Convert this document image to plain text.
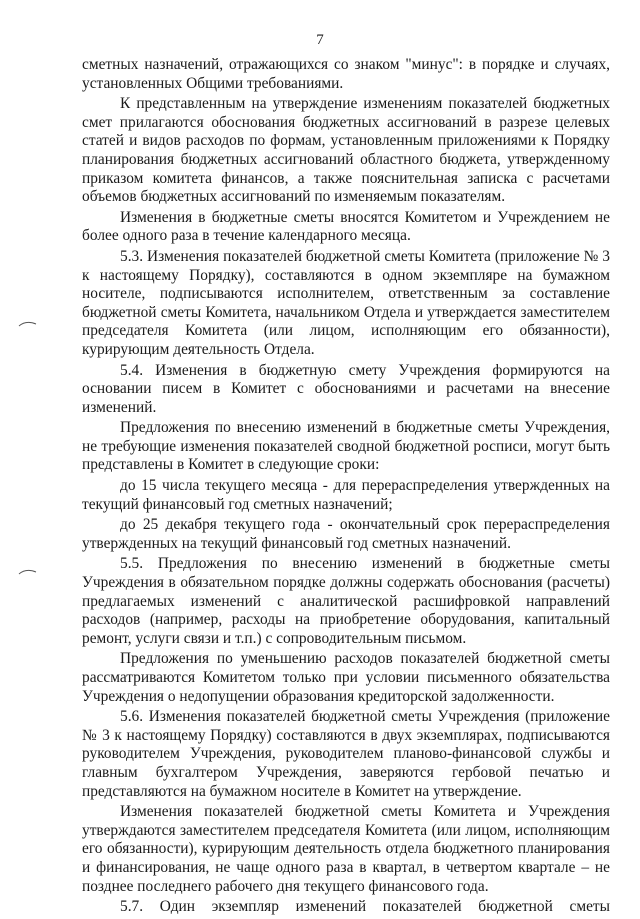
7

сметных назначений, отражающихся со знаком "минус": в порядке и случаях, установленных Общими требованиями.

К представленным на утверждение изменениям показателей бюджетных смет прилагаются обоснования бюджетных ассигнований в разрезе целевых статей и видов расходов по формам, установленным приложениями к Порядку планирования бюджетных ассигнований областного бюджета, утвержденному приказом комитета финансов, а также пояснительная записка с расчетами объемов бюджетных ассигнований по изменяемым показателям.

Изменения в бюджетные сметы вносятся Комитетом и Учреждением не более одного раза в течение календарного месяца.

5.3. Изменения показателей бюджетной сметы Комитета (приложение № 3 к настоящему Порядку), составляются в одном экземпляре на бумажном носителе, подписываются исполнителем, ответственным за составление бюджетной сметы Комитета, начальником Отдела и утверждается заместителем председателя Комитета (или лицом, исполняющим его обязанности), курирующим деятельность Отдела.

5.4. Изменения в бюджетную смету Учреждения формируются на основании писем в Комитет с обоснованиями и расчетами на внесение изменений.

Предложения по внесению изменений в бюджетные сметы Учреждения, не требующие изменения показателей сводной бюджетной росписи, могут быть представлены в Комитет в следующие сроки:

до 15 числа текущего месяца - для перераспределения утвержденных на текущий финансовый год сметных назначений;

до 25 декабря текущего года - окончательный срок перераспределения утвержденных на текущий финансовый год сметных назначений.

5.5. Предложения по внесению изменений в бюджетные сметы Учреждения в обязательном порядке должны содержать обоснования (расчеты) предлагаемых изменений с аналитической расшифровкой направлений расходов (например, расходы на приобретение оборудования, капитальный ремонт, услуги связи и т.п.) с сопроводительным письмом.

Предложения по уменьшению расходов показателей бюджетной сметы рассматриваются Комитетом только при условии письменного обязательства Учреждения о недопущении образования кредиторской задолженности.

5.6. Изменения показателей бюджетной сметы Учреждения (приложение № 3 к настоящему Порядку) составляются в двух экземплярах, подписываются руководителем Учреждения, руководителем планово-финансовой службы и главным бухгалтером Учреждения, заверяются гербовой печатью и представляются на бумажном носителе в Комитет на утверждение.

Изменения показателей бюджетной сметы Комитета и Учреждения утверждаются заместителем председателя Комитета (или лицом, исполняющим его обязанности), курирующим деятельность отдела бюджетного планирования и финансирования, не чаще одного раза в квартал, в четвертом квартале – не позднее последнего рабочего дня текущего финансового года.

5.7. Один экземпляр изменений показателей бюджетной сметы
